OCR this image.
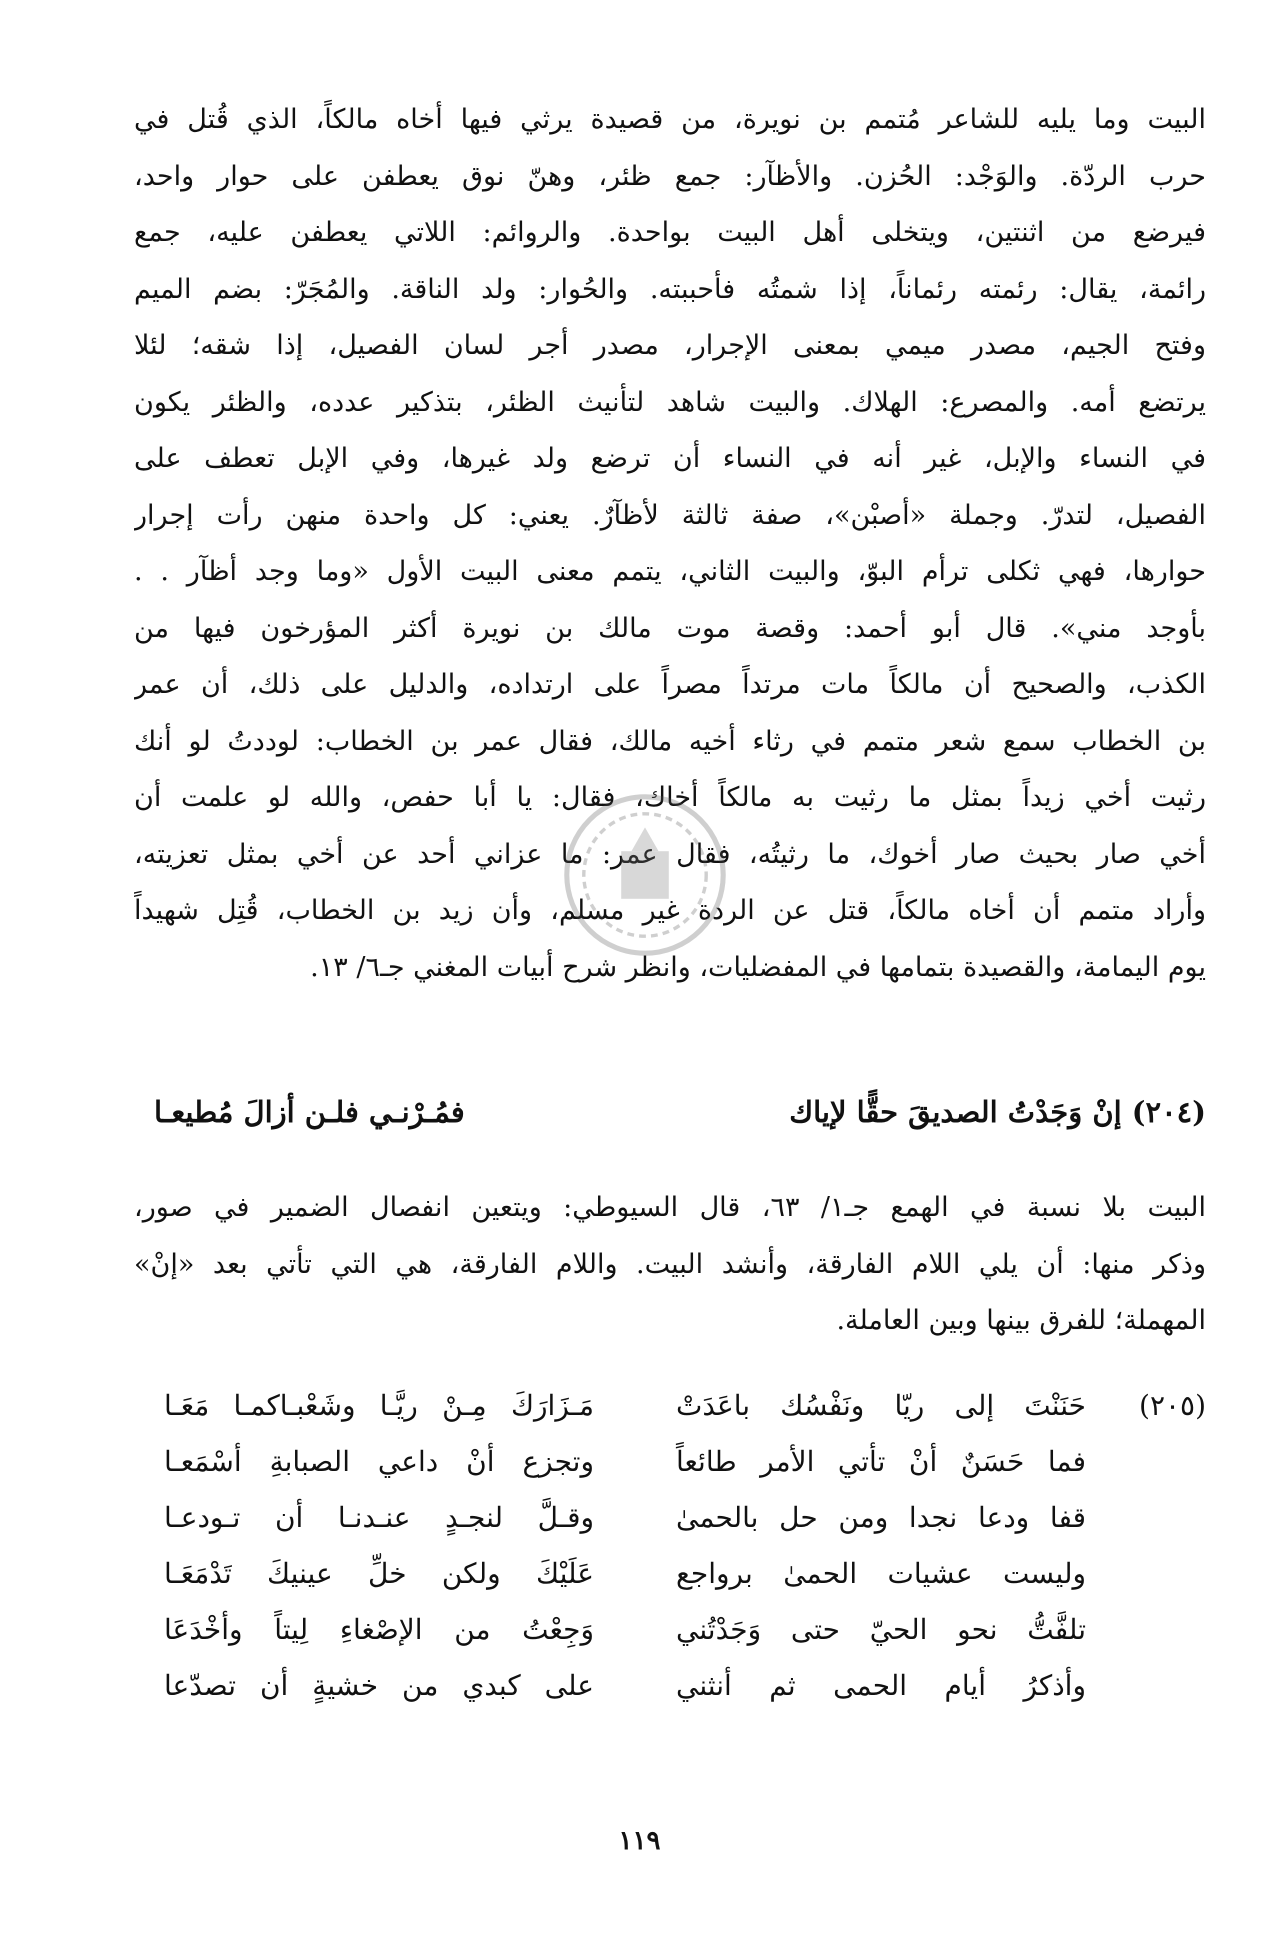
البيت وما يليه للشاعر مُتمم بن نويرة، من قصيدة يرثي فيها أخاه مالكاً، الذي قُتل في
حرب الردّة. والوَجْد: الحُزن. والأظآر: جمع ظئر، وهنّ نوق يعطفن على حوار واحد،
فيرضع من اثنتين، ويتخلى أهل البيت بواحدة. والروائم: اللاتي يعطفن عليه، جمع
رائمة، يقال: رئمته رئماناً، إذا شمتُه فأحببته. والحُوار: ولد الناقة. والمُجَرّ: بضم الميم
وفتح الجيم، مصدر ميمي بمعنى الإجرار، مصدر أجر لسان الفصيل، إذا شقه؛ لئلا
يرتضع أمه. والمصرع: الهلاك. والبيت شاهد لتأنيث الظئر، بتذكير عدده، والظئر يكون
في النساء والإبل، غير أنه في النساء أن ترضع ولد غيرها، وفي الإبل تعطف على
الفصيل، لتدرّ. وجملة «أصبْن»، صفة ثالثة لأظآرٌ. يعني: كل واحدة منهن رأت إجرار
حوارها، فهي ثكلى ترأم البوّ، والبيت الثاني، يتمم معنى البيت الأول «وما وجد أظآر . .
بأوجد مني». قال أبو أحمد: وقصة موت مالك بن نويرة أكثر المؤرخون فيها من
الكذب، والصحيح أن مالكاً مات مرتداً مصراً على ارتداده، والدليل على ذلك، أن عمر
بن الخطاب سمع شعر متمم في رثاء أخيه مالك، فقال عمر بن الخطاب: لوددتُ لو أنك
رثيت أخي زيداً بمثل ما رثيت به مالكاً أخاك، فقال: يا أبا حفص، والله لو علمت أن
أخي صار بحيث صار أخوك، ما رثيتُه، فقال عمر: ما عزاني أحد عن أخي بمثل تعزيته،
وأراد متمم أن أخاه مالكاً، قتل عن الردة غير مسلم، وأن زيد بن الخطاب، قُتِل شهيداً
يوم اليمامة، والقصيدة بتمامها في المفضليات، وانظر شرح أبيات المغني جـ٦/ ١٣.
(٢٠٤) إنْ وَجَدْتُ الصديقَ حقًّا لإياك
فمُـرْنـي فلـن أزالَ مُطيعـا
البيت بلا نسبة في الهمع جـ١/ ٦٣، قال السيوطي: ويتعين انفصال الضمير في صور،
وذكر منها: أن يلي اللام الفارقة، وأنشد البيت. واللام الفارقة، هي التي تأتي بعد «إنْ»
المهملة؛ للفرق بينها وبين العاملة.
(٢٠٥)
حَنَنْتَ إلى ريّا ونَفْسُك باعَدَتْ
مَـزَارَكَ مِـنْ ريَّـا وشَعْبـاكمـا مَعَـا
فما حَسَنٌ أنْ تأتي الأمر طائعاً
وتجزع أنْ داعي الصبابةِ أسْمَعـا
قفا ودعا نجدا ومن حل بالحمىٰ
وقـلَّ لنجـدٍ عنـدنـا أن تـودعـا
وليست عشيات الحمىٰ برواجع
عَلَيْكَ ولكن خلِّ عينيكَ تَدْمَعَـا
تلفَّتُّ نحو الحيّ حتى وَجَدْتُني
وَجِعْتُ من الإصْغاءِ لِيتاً وأخْدَعَا
وأذكرُ أيام الحمى ثم أنثني
على كبدي من خشيةٍ أن تصدّعا
١١٩
